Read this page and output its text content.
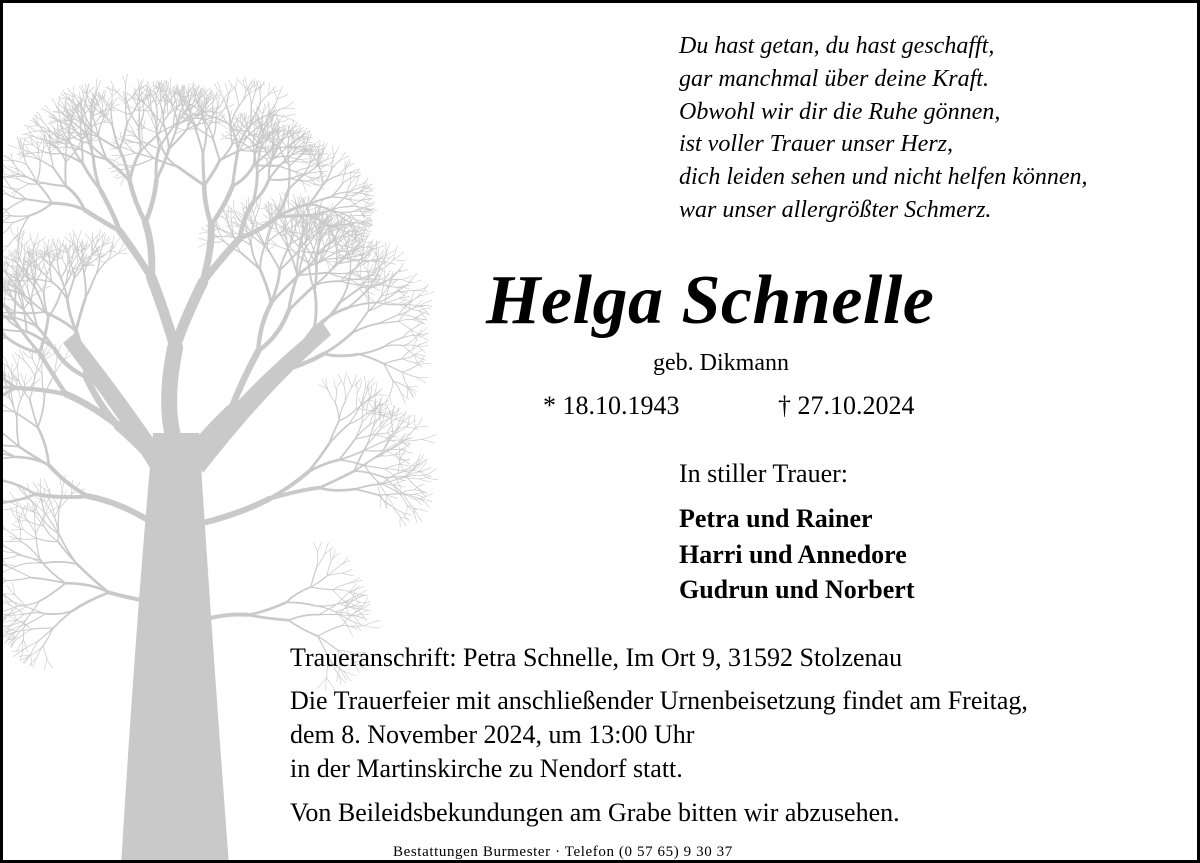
Du hast getan, du hast geschafft,
gar manchmal über deine Kraft.
Obwohl wir dir die Ruhe gönnen,
ist voller Trauer unser Herz,
dich leiden sehen und nicht helfen können,
war unser allergrößter Schmerz.
Helga Schnelle
geb. Dikmann
* 18.10.1943	† 27.10.2024
In stiller Trauer:
Petra und Rainer
Harri und Annedore
Gudrun und Norbert
Traueranschrift: Petra Schnelle, Im Ort 9, 31592 Stolzenau
Die Trauerfeier mit anschließender Urnenbeisetzung findet am Freitag,
dem 8. November 2024, um 13:00 Uhr
in der Martinskirche zu Nendorf statt.
Von Beileidsbekundungen am Grabe bitten wir abzusehen.
Bestattungen Burmester · Telefon (0 57 65) 9 30 37
